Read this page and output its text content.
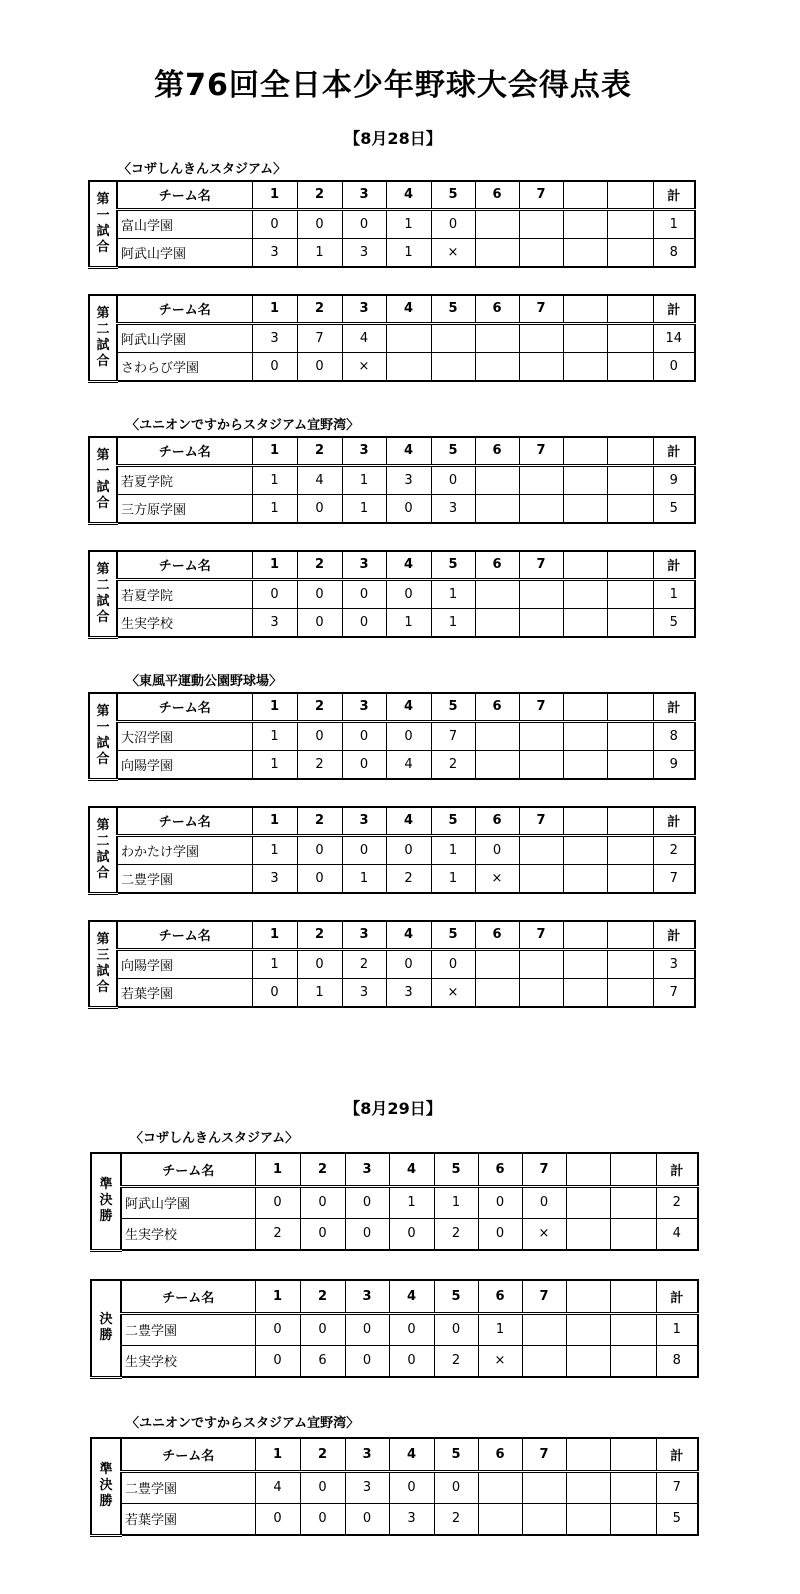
第76回全日本少年野球大会得点表
【8月28日】
〈コザしんきんスタジアム〉
第一試合	チーム名	1	2	3	4	5	6	7			計
	富山学園	0	0	0	1	0					1
	阿武山学園	3	1	3	1	×					8
第二試合	チーム名	1	2	3	4	5	6	7			計
	阿武山学園	3	7	4							14
	さわらび学園	0	0	×							0
〈ユニオンですからスタジアム宜野湾〉
第一試合	チーム名	1	2	3	4	5	6	7			計
	若夏学院	1	4	1	3	0					9
	三方原学園	1	0	1	0	3					5
第二試合	チーム名	1	2	3	4	5	6	7			計
	若夏学院	0	0	0	0	1					1
	生実学校	3	0	0	1	1					5
〈東風平運動公園野球場〉
第一試合	チーム名	1	2	3	4	5	6	7			計
	大沼学園	1	0	0	0	7					8
	向陽学園	1	2	0	4	2					9
第二試合	チーム名	1	2	3	4	5	6	7			計
	わかたけ学園	1	0	0	0	1	0				2
	二豊学園	3	0	1	2	1	×				7
第三試合	チーム名	1	2	3	4	5	6	7			計
	向陽学園	1	0	2	0	0					3
	若葉学園	0	1	3	3	×					7
【8月29日】
〈コザしんきんスタジアム〉
準決勝	チーム名	1	2	3	4	5	6	7			計
	阿武山学園	0	0	0	1	1	0	0			2
	生実学校	2	0	0	0	2	0	×			4
決勝	チーム名	1	2	3	4	5	6	7			計
	二豊学園	0	0	0	0	0	1				1
	生実学校	0	6	0	0	2	×				8
〈ユニオンですからスタジアム宜野湾〉
準決勝	チーム名	1	2	3	4	5	6	7			計
	二豊学園	4	0	3	0	0					7
	若葉学園	0	0	0	3	2					5
